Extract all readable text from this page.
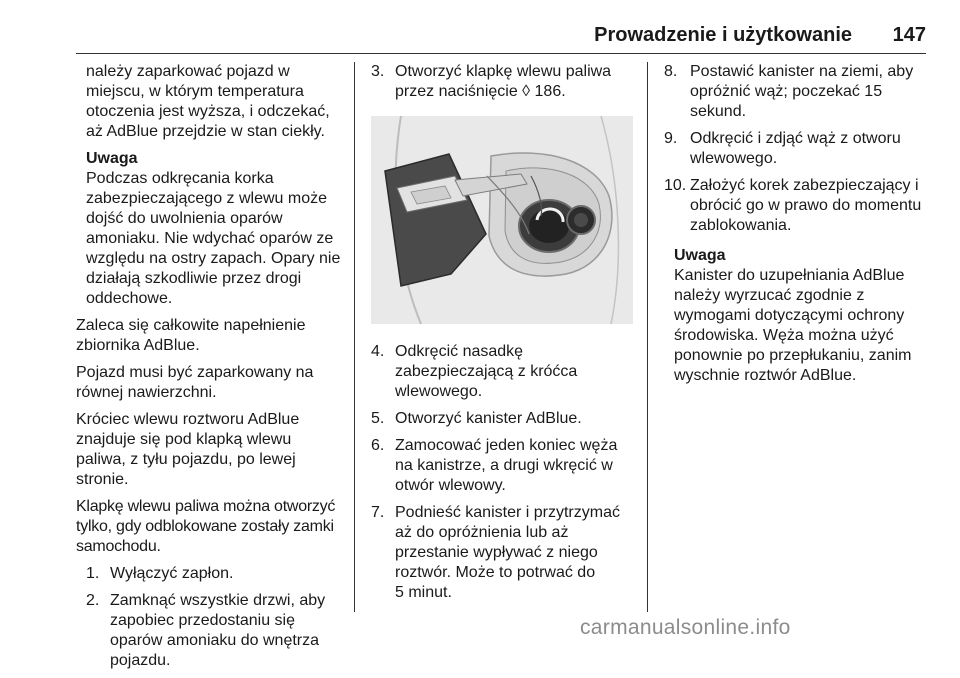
Prowadzenie i użytkowanie 147

należy zaparkować pojazd w
miejscu, w którym temperatura
otoczenia jest wyższa, i odczekać,
aż AdBlue przejdzie w stan ciekły.

Uwaga
Podczas odkręcania korka
zabezpieczającego z wlewu może
dojść do uwolnienia oparów
amoniaku. Nie wdychać oparów ze
względu na ostry zapach. Opary nie
działają szkodliwie przez drogi
oddechowe.

Zaleca się całkowite napełnienie
zbiornika AdBlue.

Pojazd musi być zaparkowany na
równej nawierzchni.

Króciec wlewu roztworu AdBlue
znajduje się pod klapką wlewu
paliwa, z tyłu pojazdu, po lewej
stronie.

Klapkę wlewu paliwa można otworzyć
tylko, gdy odblokowane zostały zamki
samochodu.

1. Wyłączyć zapłon.
2. Zamknąć wszystkie drzwi, aby
zapobiec przedostaniu się
oparów amoniaku do wnętrza
pojazdu.
3. Otworzyć klapkę wlewu paliwa
przez naciśnięcie ◊ 186.
4. Odkręcić nasadkę
zabezpieczającą z króćca
wlewowego.
5. Otworzyć kanister AdBlue.
6. Zamocować jeden koniec węża
na kanistrze, a drugi wkręcić w
otwór wlewowy.
7. Podnieść kanister i przytrzymać
aż do opróżnienia lub aż
przestanie wypływać z niego
roztwór. Może to potrwać do
5 minut.
8. Postawić kanister na ziemi, aby
opróżnić wąż; poczekać 15
sekund.
9. Odkręcić i zdjąć wąż z otworu
wlewowego.
10. Założyć korek zabezpieczający i
obrócić go w prawo do momentu
zablokowania.

Uwaga
Kanister do uzupełniania AdBlue
należy wyrzucać zgodnie z
wymogami dotyczącymi ochrony
środowiska. Węża można użyć
ponownie po przepłukaniu, zanim
wyschnie roztwór AdBlue.

carmanualsonline.info
